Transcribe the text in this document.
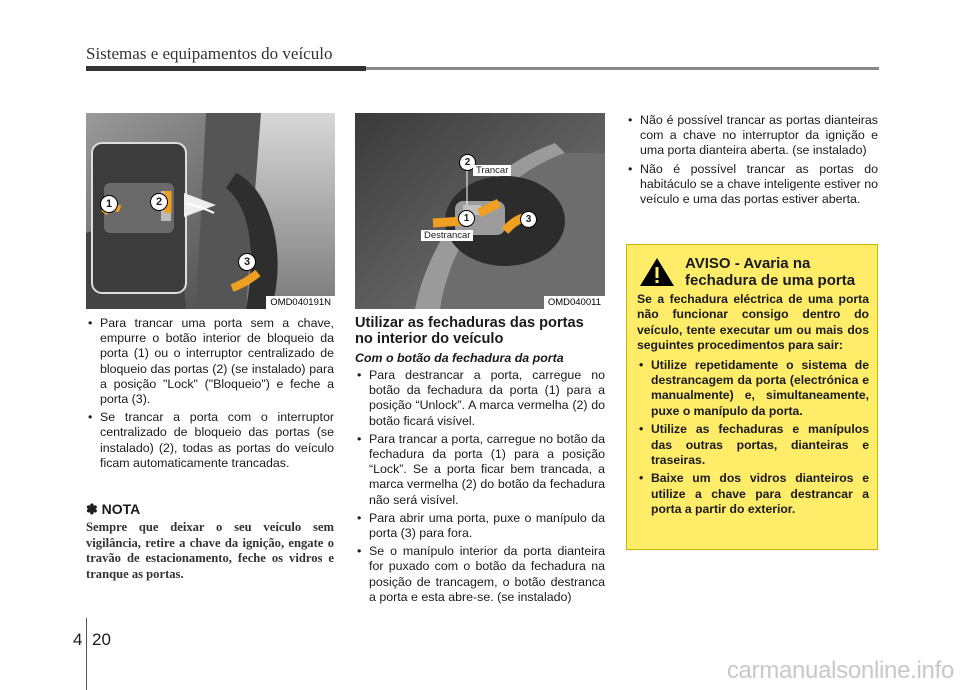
Sistemas e equipamentos do veículo
1	2
3
OMD040191N
2
Trancar
1	3
Destrancar
OMD040011
• Para trancar uma porta sem a chave, empurre o botão interior de bloqueio da porta (1) ou o interruptor centralizado de bloqueio das portas (2) (se instalado) para a posição "Lock" ("Bloqueio") e feche a porta (3).
• Se trancar a porta com o interruptor centralizado de bloqueio das portas (se instalado) (2), todas as portas do veículo ficam automaticamente trancadas.
✽ NOTA
Sempre que deixar o seu veículo sem vigilância, retire a chave da ignição, engate o travão de estacionamento, feche os vidros e tranque as portas.
Utilizar as fechaduras das portas no interior do veículo
Com o botão da fechadura da porta
• Para destrancar a porta, carregue no botão da fechadura da porta (1) para a posição “Unlock”. A marca vermelha (2) do botão ficará visível.
• Para trancar a porta, carregue no botão da fechadura da porta (1) para a posição “Lock”. Se a porta ficar bem trancada, a marca vermelha (2) do botão da fechadura não será visível.
• Para abrir uma porta, puxe o manípulo da porta (3) para fora.
• Se o manípulo interior da porta dianteira for puxado com o botão da fechadura na posição de trancagem, o botão destranca a porta e esta abre-se. (se instalado)
• Não é possível trancar as portas dianteiras com a chave no interruptor da ignição e uma porta dianteira aberta. (se instalado)
• Não é possível trancar as portas do habitáculo se a chave inteligente estiver no veículo e uma das portas estiver aberta.
AVISO - Avaria na fechadura de uma porta
Se a fechadura eléctrica de uma porta não funcionar consigo dentro do veículo, tente executar um ou mais dos seguintes procedimentos para sair:
• Utilize repetidamente o sistema de destrancagem da porta (electrónica e manualmente) e, simultaneamente, puxe o manípulo da porta.
• Utilize as fechaduras e manípulos das outras portas, dianteiras e traseiras.
• Baixe um dos vidros dianteiros e utilize a chave para destrancar a porta a partir do exterior.
4 20
carmanualsonline.info
